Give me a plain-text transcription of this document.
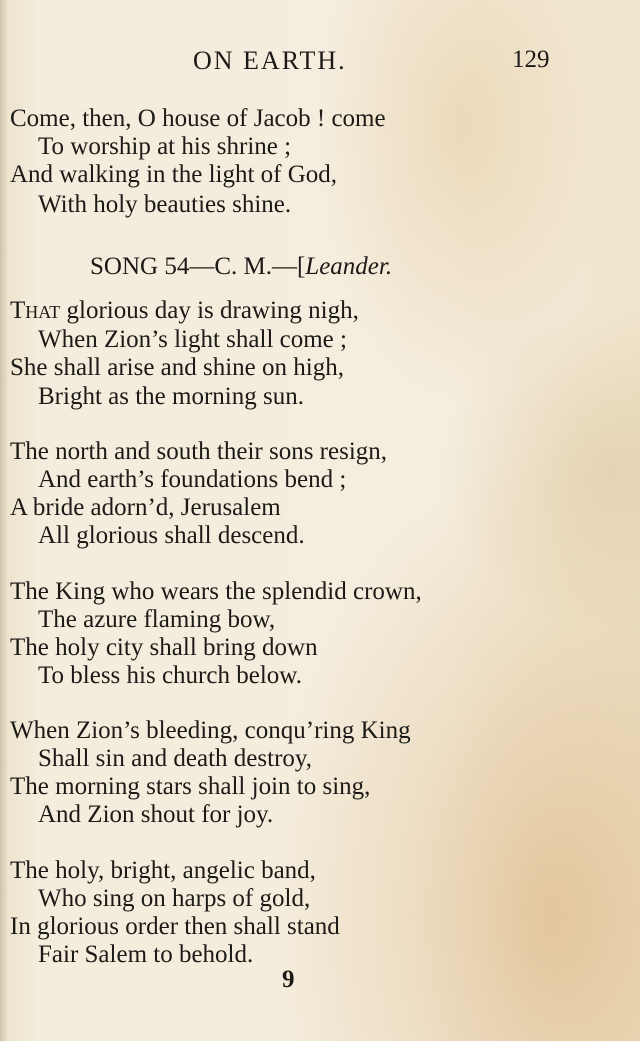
ON EARTH.	129
Come, then, O house of Jacob ! come
To worship at his shrine ;
And walking in the light of God,
With holy beauties shine.
SONG 54—C. M.—[Leander.
That glorious day is drawing nigh,
When Zion’s light shall come ;
She shall arise and shine on high,
Bright as the morning sun.
The north and south their sons resign,
And earth’s foundations bend ;
A bride adorn’d, Jerusalem
All glorious shall descend.
The King who wears the splendid crown,
The azure flaming bow,
The holy city shall bring down
To bless his church below.
When Zion’s bleeding, conqu’ring King
Shall sin and death destroy,
The morning stars shall join to sing,
And Zion shout for joy.
The holy, bright, angelic band,
Who sing on harps of gold,
In glorious order then shall stand
Fair Salem to behold.
9
